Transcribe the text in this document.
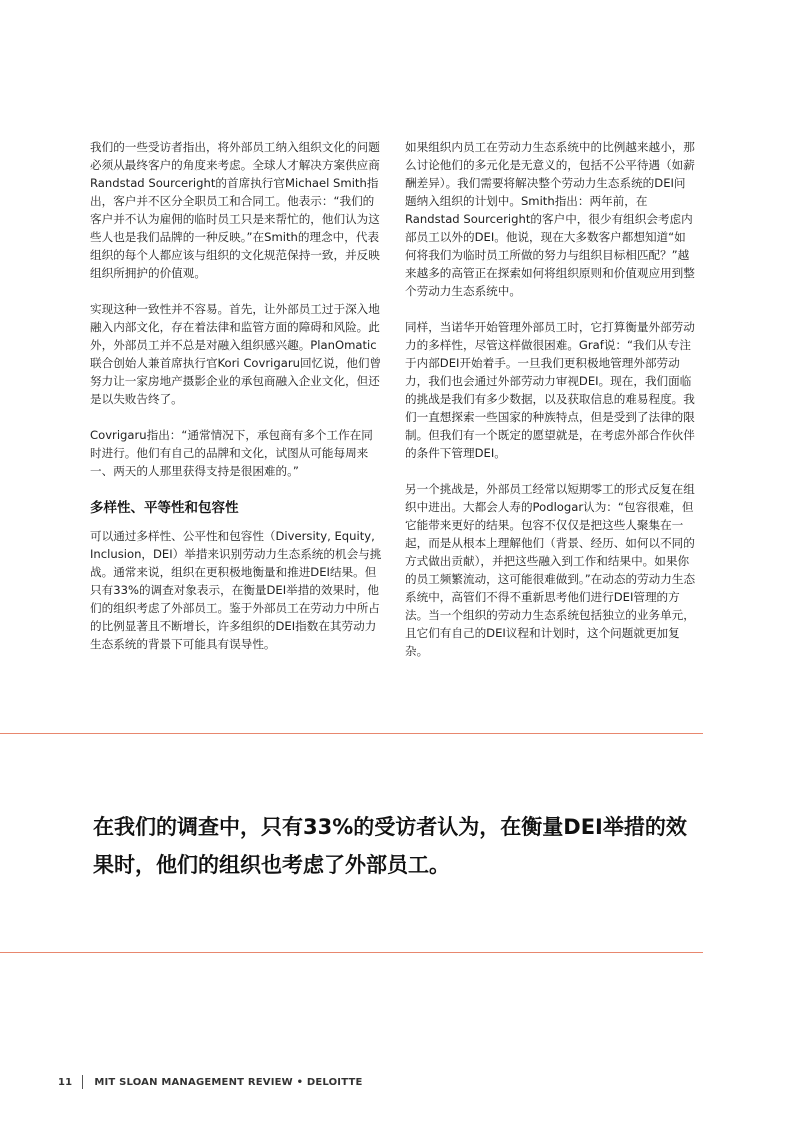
我们的一些受访者指出，将外部员工纳入组织文化的问题必须从最终客户的角度来考虑。全球人才解决方案供应商Randstad Sourceright的首席执行官Michael Smith指出，客户并不区分全职员工和合同工。他表示：“我们的客户并不认为雇佣的临时员工只是来帮忙的，他们认为这些人也是我们品牌的一种反映。”在Smith的理念中，代表组织的每个人都应该与组织的文化规范保持一致，并反映组织所拥护的价值观。

实现这种一致性并不容易。首先，让外部员工过于深入地融入内部文化，存在着法律和监管方面的障碍和风险。此外，外部员工并不总是对融入组织感兴趣。PlanOmatic联合创始人兼首席执行官Kori Covrigaru回忆说，他们曾努力让一家房地产摄影企业的承包商融入企业文化，但还是以失败告终了。

Covrigaru指出：“通常情况下，承包商有多个工作在同时进行。他们有自己的品牌和文化，试图从可能每周来一、两天的人那里获得支持是很困难的。”

多样性、平等性和包容性

可以通过多样性、公平性和包容性（Diversity, Equity, Inclusion，DEI）举措来识别劳动力生态系统的机会与挑战。通常来说，组织在更积极地衡量和推进DEI结果。但只有33%的调查对象表示，在衡量DEI举措的效果时，他们的组织考虑了外部员工。鉴于外部员工在劳动力中所占的比例显著且不断增长，许多组织的DEI指数在其劳动力生态系统的背景下可能具有误导性。

如果组织内员工在劳动力生态系统中的比例越来越小，那么讨论他们的多元化是无意义的，包括不公平待遇（如薪酬差异）。我们需要将解决整个劳动力生态系统的DEI问题纳入组织的计划中。Smith指出：两年前，在Randstad Sourceright的客户中，很少有组织会考虑内部员工以外的DEI。他说，现在大多数客户都想知道“如何将我们为临时员工所做的努力与组织目标相匹配？”越来越多的高管正在探索如何将组织原则和价值观应用到整个劳动力生态系统中。

同样，当诺华开始管理外部员工时，它打算衡量外部劳动力的多样性，尽管这样做很困难。Graf说：“我们从专注于内部DEI开始着手。一旦我们更积极地管理外部劳动力，我们也会通过外部劳动力审视DEI。现在，我们面临的挑战是我们有多少数据，以及获取信息的难易程度。我们一直想探索一些国家的种族特点，但是受到了法律的限制。但我们有一个既定的愿望就是，在考虑外部合作伙伴的条件下管理DEI。

另一个挑战是，外部员工经常以短期零工的形式反复在组织中进出。大都会人寿的Podlogar认为：“包容很难，但它能带来更好的结果。包容不仅仅是把这些人聚集在一起，而是从根本上理解他们（背景、经历、如何以不同的方式做出贡献），并把这些融入到工作和结果中。如果你的员工频繁流动，这可能很难做到。”在动态的劳动力生态系统中，高管们不得不重新思考他们进行DEI管理的方法。当一个组织的劳动力生态系统包括独立的业务单元，且它们有自己的DEI议程和计划时，这个问题就更加复杂。

在我们的调查中，只有33%的受访者认为，在衡量DEI举措的效果时，他们的组织也考虑了外部员工。

11 MIT SLOAN MANAGEMENT REVIEW • DELOITTE
